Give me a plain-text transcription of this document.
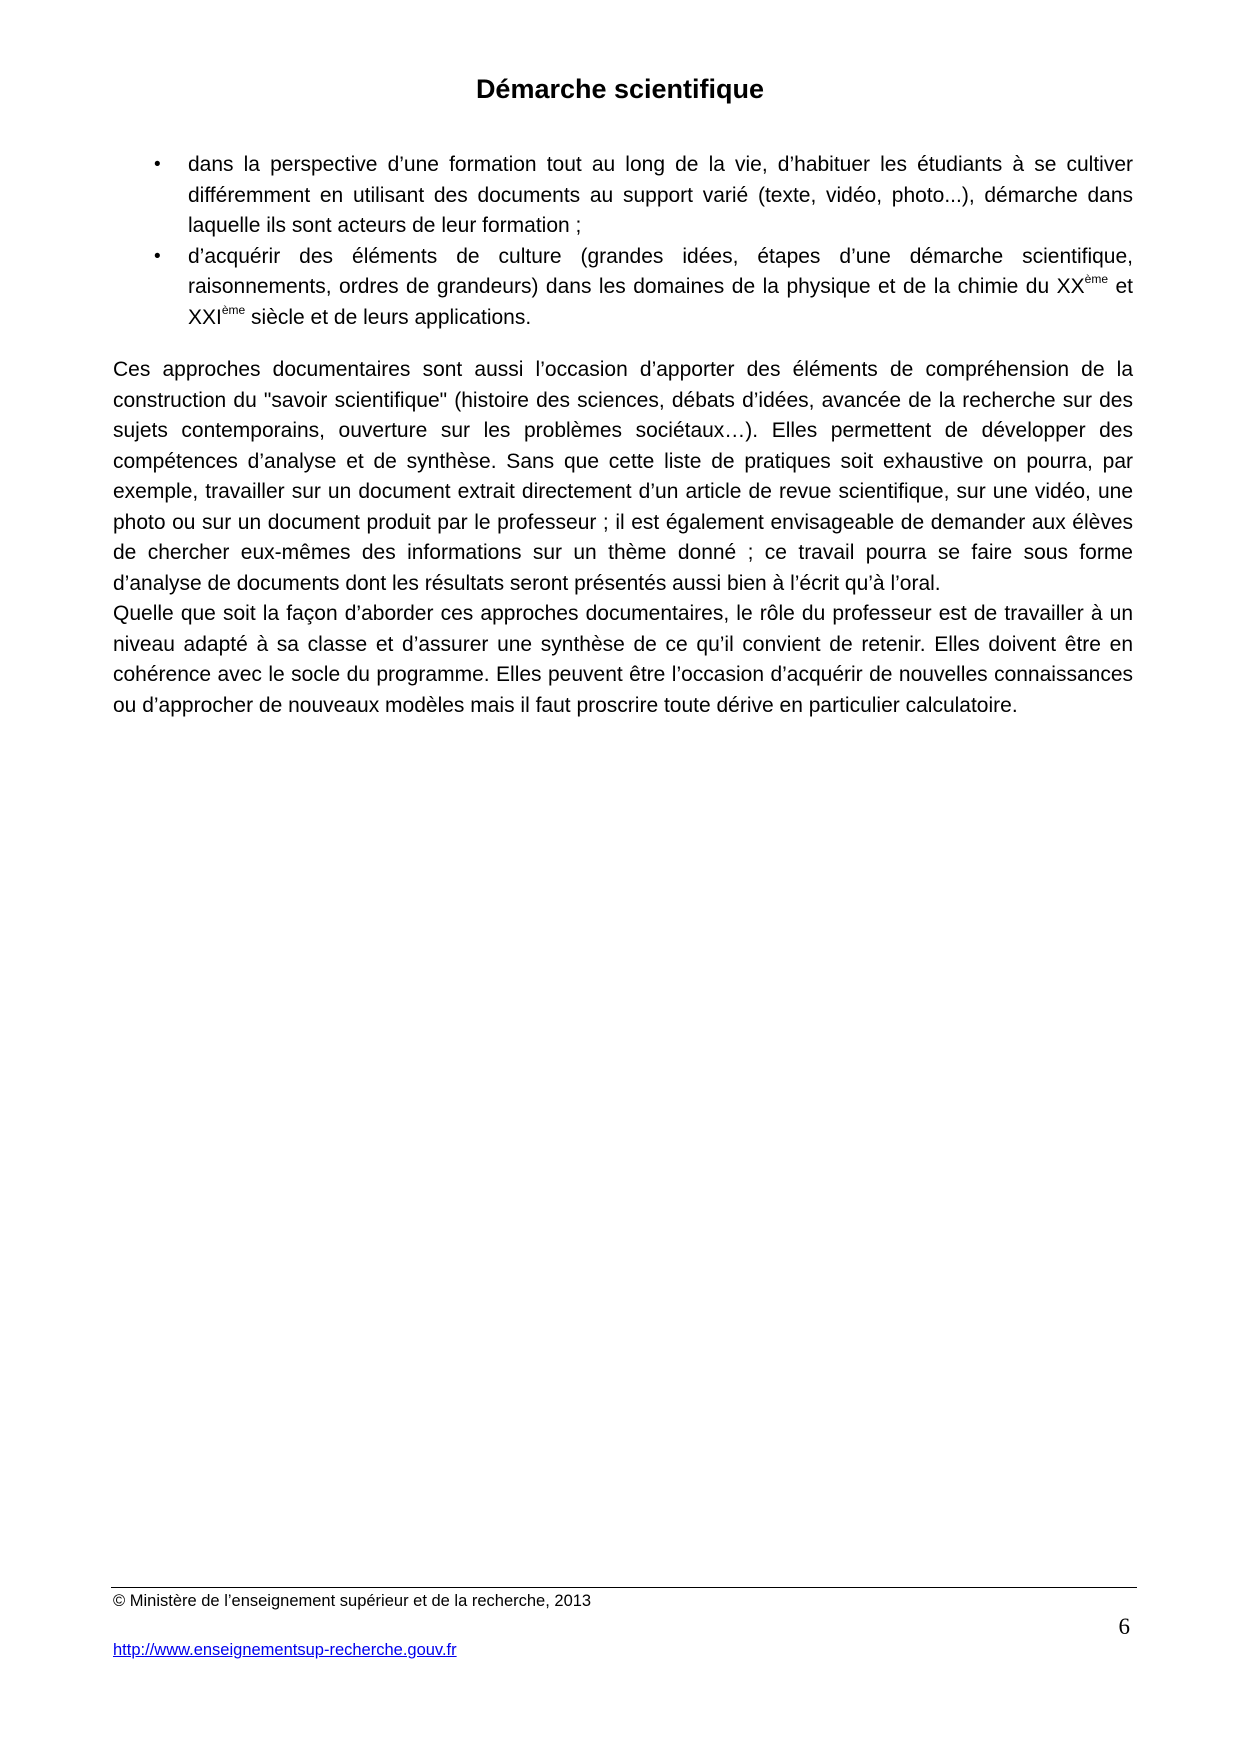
Démarche scientifique
• dans la perspective d’une formation tout au long de la vie, d’habituer les étudiants à se cultiver différemment en utilisant des documents au support varié (texte, vidéo, photo...), démarche dans laquelle ils sont acteurs de leur formation ;
• d’acquérir des éléments de culture (grandes idées, étapes d’une démarche scientifique, raisonnements, ordres de grandeurs) dans les domaines de la physique et de la chimie du XXème et XXIème siècle et de leurs applications.

Ces approches documentaires sont aussi l’occasion d’apporter des éléments de compréhension de la construction du "savoir scientifique" (histoire des sciences, débats d’idées, avancée de la recherche sur des sujets contemporains, ouverture sur les problèmes sociétaux…). Elles permettent de développer des compétences d’analyse et de synthèse. Sans que cette liste de pratiques soit exhaustive on pourra, par exemple, travailler sur un document extrait directement d’un article de revue scientifique, sur une vidéo, une photo ou sur un document produit par le professeur ; il est également envisageable de demander aux élèves de chercher eux-mêmes des informations sur un thème donné ; ce travail pourra se faire sous forme d’analyse de documents dont les résultats seront présentés aussi bien à l’écrit qu’à l’oral.

Quelle que soit la façon d’aborder ces approches documentaires, le rôle du professeur est de travailler à un niveau adapté à sa classe et d’assurer une synthèse de ce qu’il convient de retenir. Elles doivent être en cohérence avec le socle du programme. Elles peuvent être l’occasion d’acquérir de nouvelles connaissances ou d’approcher de nouveaux modèles mais il faut proscrire toute dérive en particulier calculatoire.

© Ministère de l’enseignement supérieur et de la recherche, 2013
6
http://www.enseignementsup-recherche.gouv.fr
